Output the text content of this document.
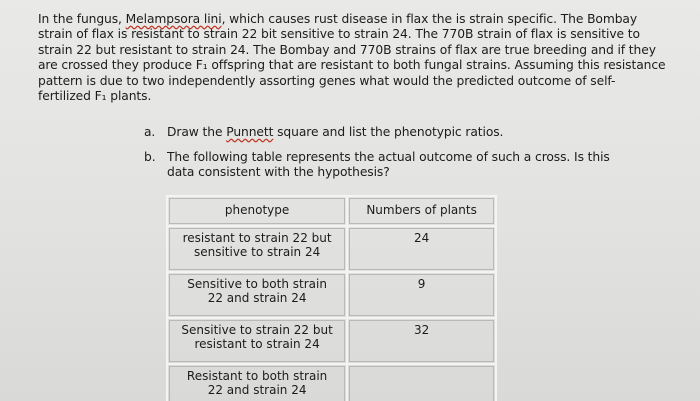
In the fungus, Melampsora lini, which causes rust disease in flax the is strain specific. The Bombay strain of flax is resistant to strain 22 bit sensitive to strain 24. The 770B strain of flax is sensitive to strain 22 but resistant to strain 24. The Bombay and 770B strains of flax are true breeding and if they are crossed they produce F₁ offspring that are resistant to both fungal strains. Assuming this resistance pattern is due to two independently assorting genes what would the predicted outcome of self-fertilized F₁ plants.
a. Draw the Punnett square and list the phenotypic ratios.
b. The following table represents the actual outcome of such a cross. Is this data consistent with the hypothesis?
phenotype	Numbers of plants
resistant to strain 22 but
sensitive to strain 24	24
Sensitive to both strain
22 and strain 24	9
Sensitive to strain 22 but
resistant to strain 24	32
Resistant to both strain
22 and strain 24	
